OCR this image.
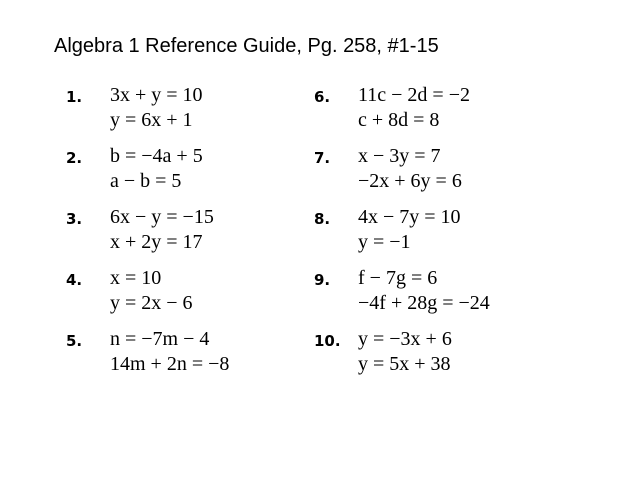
Algebra 1 Reference Guide, Pg. 258, #1-15
1. 3x + y = 10
y = 6x + 1
2. b = −4a + 5
a − b = 5
3. 6x − y = −15
x + 2y = 17
4. x = 10
y = 2x − 6
5. n = −7m − 4
14m + 2n = −8
6. 11c − 2d = −2
c + 8d = 8
7. x − 3y = 7
−2x + 6y = 6
8. 4x − 7y = 10
y = −1
9. f − 7g = 6
−4f + 28g = −24
10. y = −3x + 6
y = 5x + 38
